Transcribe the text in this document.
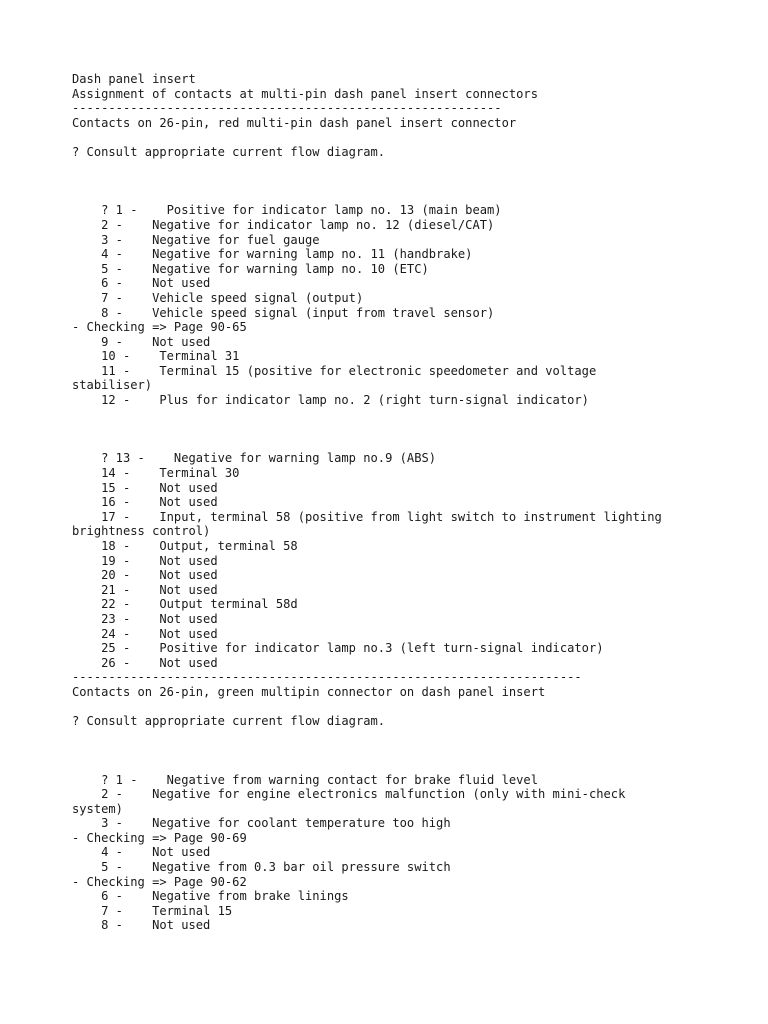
Dash panel insert
Assignment of contacts at multi-pin dash panel insert connectors
-----------------------------------------------------------
Contacts on 26-pin, red multi-pin dash panel insert connector
? Consult appropriate current flow diagram.
? 1 -    Positive for indicator lamp no. 13 (main beam)
2 -    Negative for indicator lamp no. 12 (diesel/CAT)
3 -    Negative for fuel gauge
4 -    Negative for warning lamp no. 11 (handbrake)
5 -    Negative for warning lamp no. 10 (ETC)
6 -    Not used
7 -    Vehicle speed signal (output)
8 -    Vehicle speed signal (input from travel sensor)
- Checking => Page 90-65
9 -    Not used
10 -    Terminal 31
11 -    Terminal 15 (positive for electronic speedometer and voltage
stabiliser)
12 -    Plus for indicator lamp no. 2 (right turn-signal indicator)
? 13 -    Negative for warning lamp no.9 (ABS)
14 -    Terminal 30
15 -    Not used
16 -    Not used
17 -    Input, terminal 58 (positive from light switch to instrument lighting
brightness control)
18 -    Output, terminal 58
19 -    Not used
20 -    Not used
21 -    Not used
22 -    Output terminal 58d
23 -    Not used
24 -    Not used
25 -    Positive for indicator lamp no.3 (left turn-signal indicator)
26 -    Not used
----------------------------------------------------------------------
Contacts on 26-pin, green multipin connector on dash panel insert
? Consult appropriate current flow diagram.
? 1 -    Negative from warning contact for brake fluid level
2 -    Negative for engine electronics malfunction (only with mini-check
system)
3 -    Negative for coolant temperature too high
- Checking => Page 90-69
4 -    Not used
5 -    Negative from 0.3 bar oil pressure switch
- Checking => Page 90-62
6 -    Negative from brake linings
7 -    Terminal 15
8 -    Not used
